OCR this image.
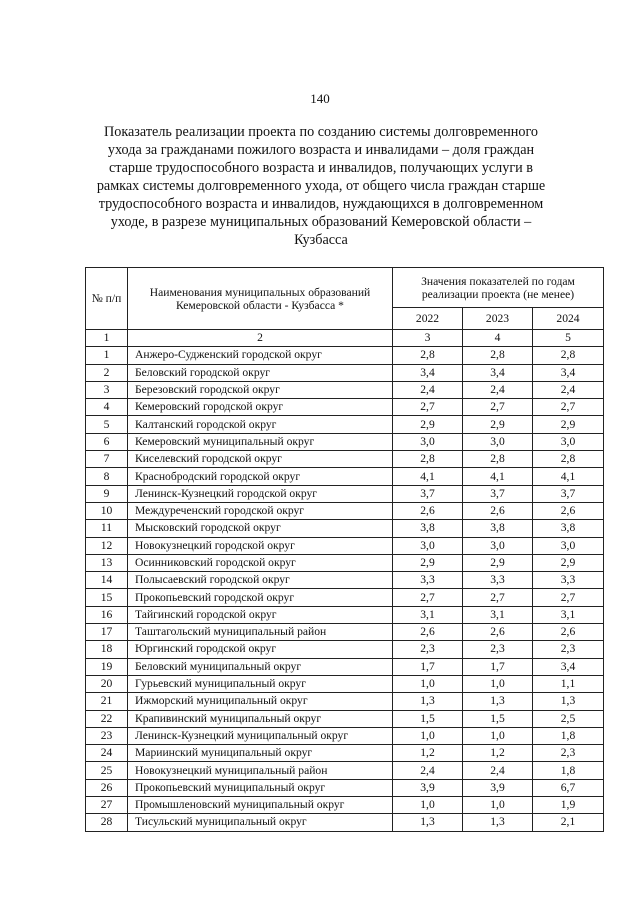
140
Показатель реализации проекта по созданию системы долговременного ухода за гражданами пожилого возраста и инвалидами – доля граждан старше трудоспособного возраста и инвалидов, получающих услуги в рамках системы долговременного ухода, от общего числа граждан старше трудоспособного возраста и инвалидов, нуждающихся в долговременном уходе, в разрезе муниципальных образований Кемеровской области – Кузбасса
№ п/п	Наименования муниципальных образований Кемеровской области - Кузбасса *	Значения показателей по годам реализации проекта (не менее)		
		2022	2023	2024
1	2	3	4	5
1	Анжеро-Судженский городской округ	2,8	2,8	2,8
2	Беловский городской округ	3,4	3,4	3,4
3	Березовский городской округ	2,4	2,4	2,4
4	Кемеровский городской округ	2,7	2,7	2,7
5	Калтанский городской округ	2,9	2,9	2,9
6	Кемеровский муниципальный округ	3,0	3,0	3,0
7	Киселевский городской округ	2,8	2,8	2,8
8	Краснобродский городской округ	4,1	4,1	4,1
9	Ленинск-Кузнецкий городской округ	3,7	3,7	3,7
10	Междуреченский городской округ	2,6	2,6	2,6
11	Мысковский городской округ	3,8	3,8	3,8
12	Новокузнецкий городской округ	3,0	3,0	3,0
13	Осинниковский городской округ	2,9	2,9	2,9
14	Полысаевский городской округ	3,3	3,3	3,3
15	Прокопьевский городской округ	2,7	2,7	2,7
16	Тайгинский городской округ	3,1	3,1	3,1
17	Таштагольский муниципальный район	2,6	2,6	2,6
18	Юргинский городской округ	2,3	2,3	2,3
19	Беловский муниципальный округ	1,7	1,7	3,4
20	Гурьевский муниципальный округ	1,0	1,0	1,1
21	Ижморский муниципальный округ	1,3	1,3	1,3
22	Крапивинский муниципальный округ	1,5	1,5	2,5
23	Ленинск-Кузнецкий муниципальный округ	1,0	1,0	1,8
24	Мариинский муниципальный округ	1,2	1,2	2,3
25	Новокузнецкий муниципальный район	2,4	2,4	1,8
26	Прокопьевский муниципальный округ	3,9	3,9	6,7
27	Промышленовский муниципальный округ	1,0	1,0	1,9
28	Тисульский муниципальный округ	1,3	1,3	2,1
